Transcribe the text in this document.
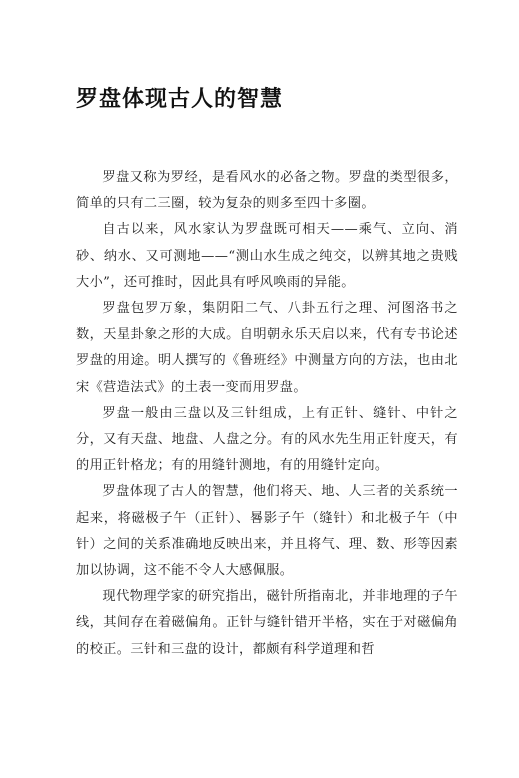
罗盘体现古人的智慧

罗盘又称为罗经，是看风水的必备之物。罗盘的类型很多，简单的只有二三圈，较为复杂的则多至四十多圈。

自古以来，风水家认为罗盘既可相天——乘气、立向、消砂、纳水、又可测地——“测山水生成之纯交，以辨其地之贵贱大小”，还可推时，因此具有呼风唤雨的异能。

罗盘包罗万象，集阴阳二气、八卦五行之理、河图洛书之数，天星卦象之形的大成。自明朝永乐天启以来，代有专书论述罗盘的用途。明人撰写的《鲁班经》中测量方向的方法，也由北宋《营造法式》的土表一变而用罗盘。

罗盘一般由三盘以及三针组成，上有正针、缝针、中针之分，又有天盘、地盘、人盘之分。有的风水先生用正针度天，有的用正针格龙；有的用缝针测地，有的用缝针定向。

罗盘体现了古人的智慧，他们将天、地、人三者的关系统一起来，将磁极子午（正针）、晷影子午（缝针）和北极子午（中针）之间的关系准确地反映出来，并且将气、理、数、形等因素加以协调，这不能不令人大感佩服。

现代物理学家的研究指出，磁针所指南北，并非地理的子午线，其间存在着磁偏角。正针与缝针错开半格，实在于对磁偏角的校正。三针和三盘的设计，都颇有科学道理和哲
